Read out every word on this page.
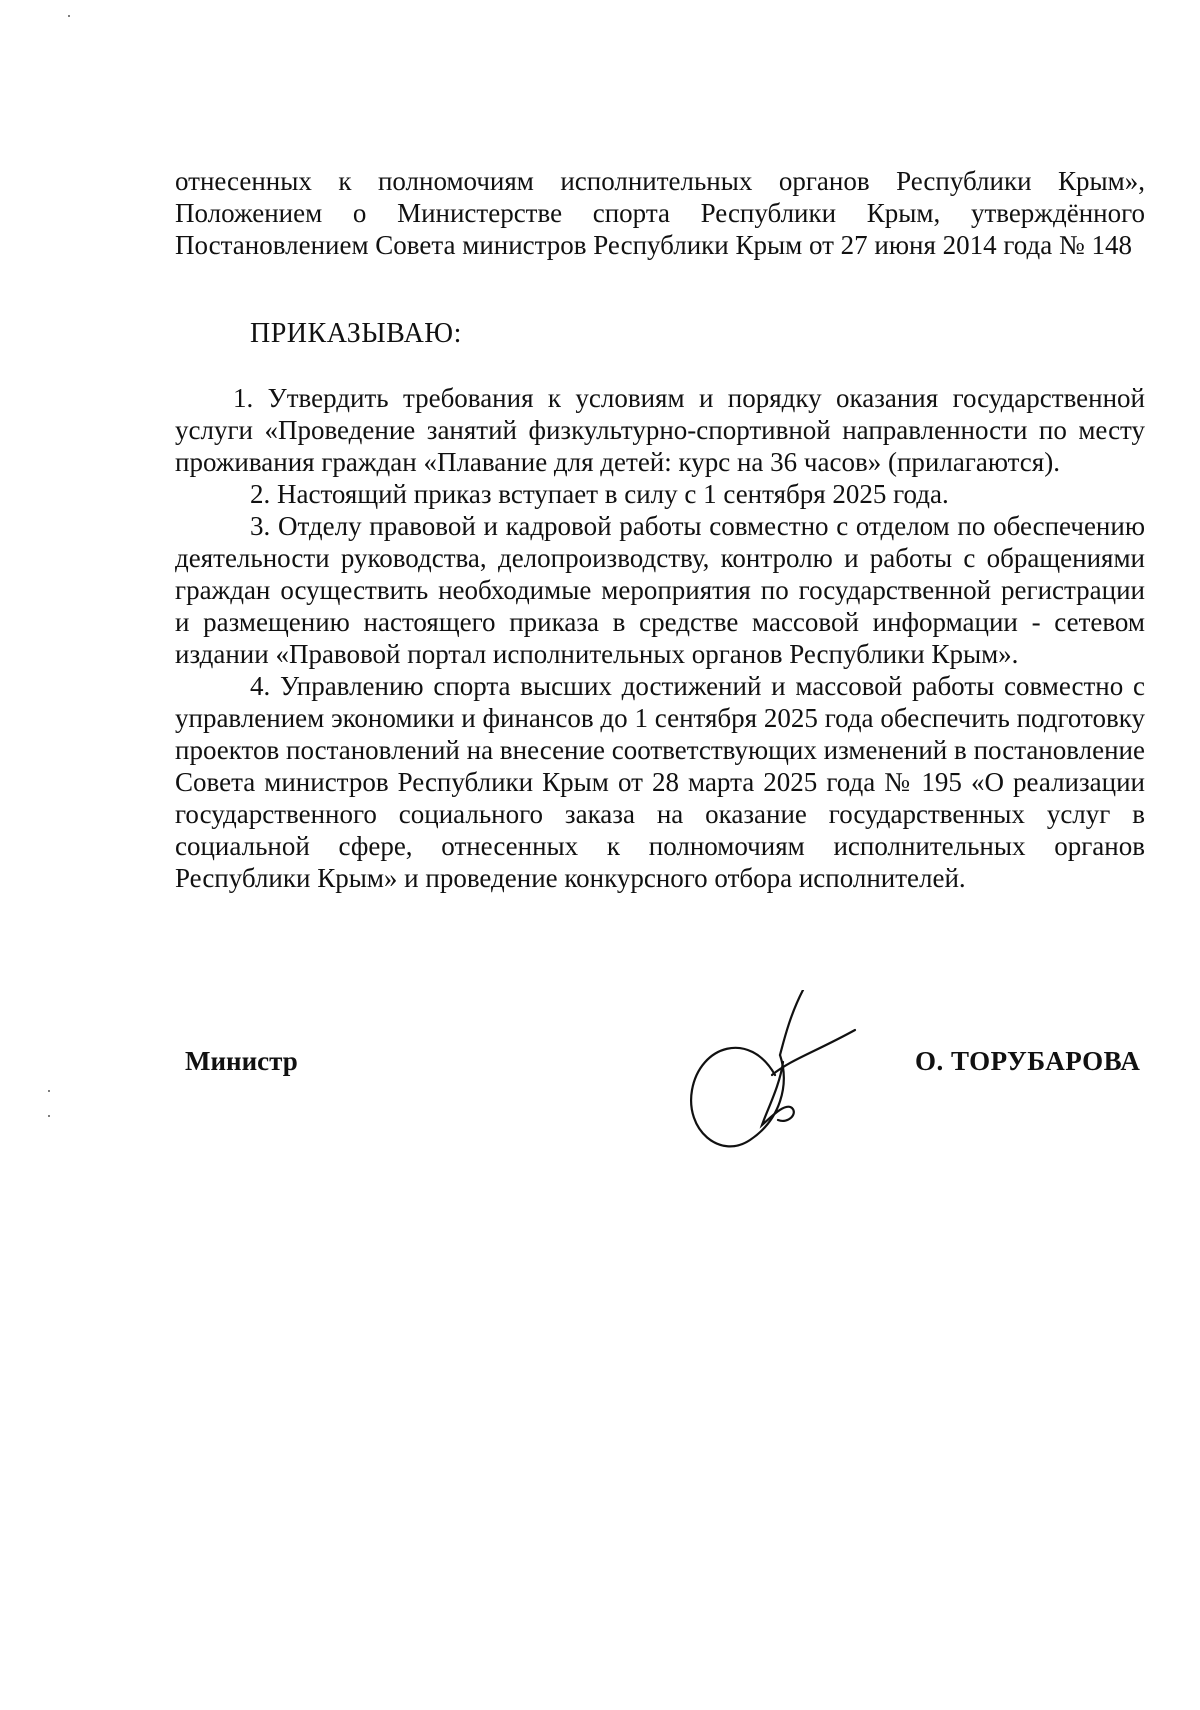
отнесенных к полномочиям исполнительных органов Республики Крым», Положением о Министерстве спорта Республики Крым, утверждённого Постановлением Совета министров Республики Крым от 27 июня 2014 года № 148

ПРИКАЗЫВАЮ:

1. Утвердить требования к условиям и порядку оказания государственной услуги «Проведение занятий физкультурно-спортивной направленности по месту проживания граждан «Плавание для детей: курс на 36 часов» (прилагаются).

2. Настоящий приказ вступает в силу с 1 сентября 2025 года.

3. Отделу правовой и кадровой работы совместно с отделом по обеспечению деятельности руководства, делопроизводству, контролю и работы с обращениями граждан осуществить необходимые мероприятия по государственной регистрации и размещению настоящего приказа в средстве массовой информации - сетевом издании «Правовой портал исполнительных органов Республики Крым».

4. Управлению спорта высших достижений и массовой работы совместно с управлением экономики и финансов до 1 сентября 2025 года обеспечить подготовку проектов постановлений на внесение соответствующих изменений в постановление Совета министров Республики Крым от 28 марта 2025 года № 195 «О реализации государственного социального заказа на оказание государственных услуг в социальной сфере, отнесенных к полномочиям исполнительных органов Республики Крым» и проведение конкурсного отбора исполнителей.

Министр	О. ТОРУБАРОВА
